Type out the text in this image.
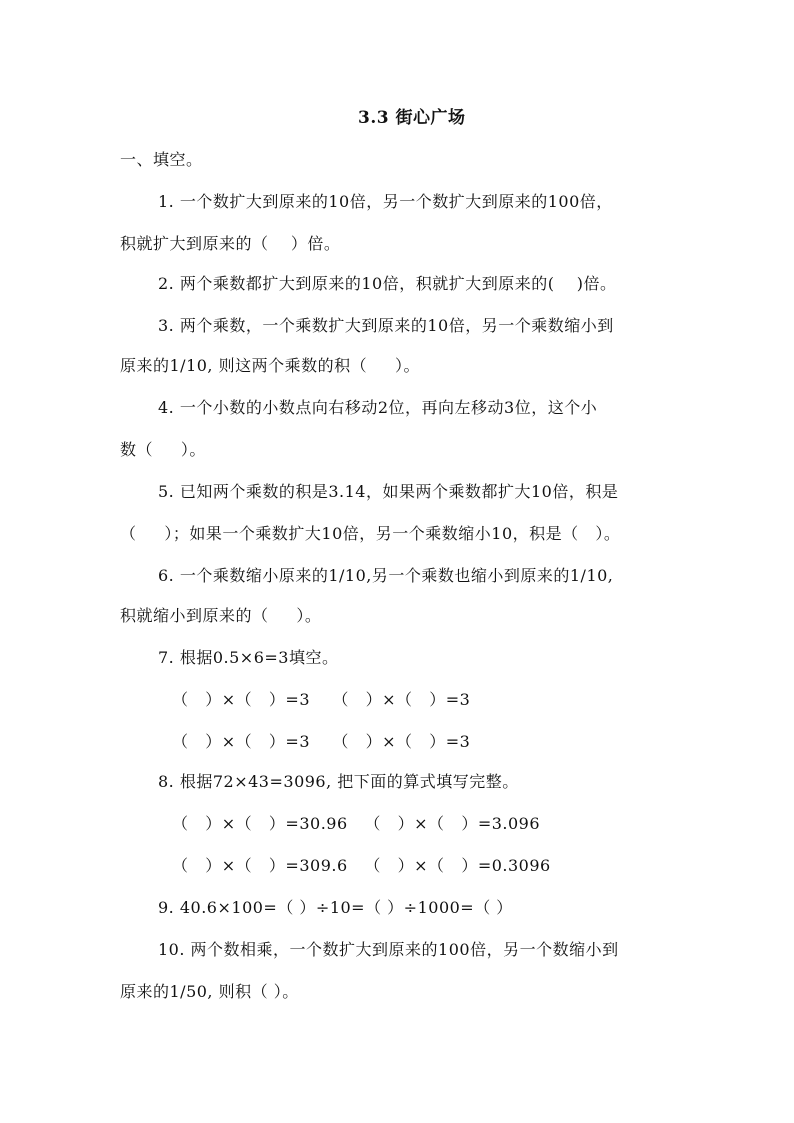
3.3 街心广场
一、填空。
1. 一个数扩大到原来的10倍，另一个数扩大到原来的100倍，
积就扩大到原来的（    ）倍。
2. 两个乘数都扩大到原来的10倍，积就扩大到原来的(    )倍。
3. 两个乘数，一个乘数扩大到原来的10倍，另一个乘数缩小到
原来的1/10, 则这两个乘数的积（     ）。
4. 一个小数的小数点向右移动2位，再向左移动3位，这个小
数（     ）。
5. 已知两个乘数的积是3.14，如果两个乘数都扩大10倍，积是
（     ）；如果一个乘数扩大10倍，另一个乘数缩小10，积是（   ）。
6. 一个乘数缩小原来的1/10,另一个乘数也缩小到原来的1/10,
积就缩小到原来的（     ）。
7. 根据0.5×6=3填空。
（   ）×（   ）=3    （   ）×（   ）=3
（   ）×（   ）=3    （   ）×（   ）=3
8. 根据72×43=3096, 把下面的算式填写完整。
（   ）×（   ）=30.96   （   ）×（   ）=3.096
（   ）×（   ）=309.6   （   ）×（   ）=0.3096
9. 40.6×100=（ ）÷10=（ ）÷1000=（ ）
10. 两个数相乘，一个数扩大到原来的100倍，另一个数缩小到
原来的1/50, 则积（ ）。
